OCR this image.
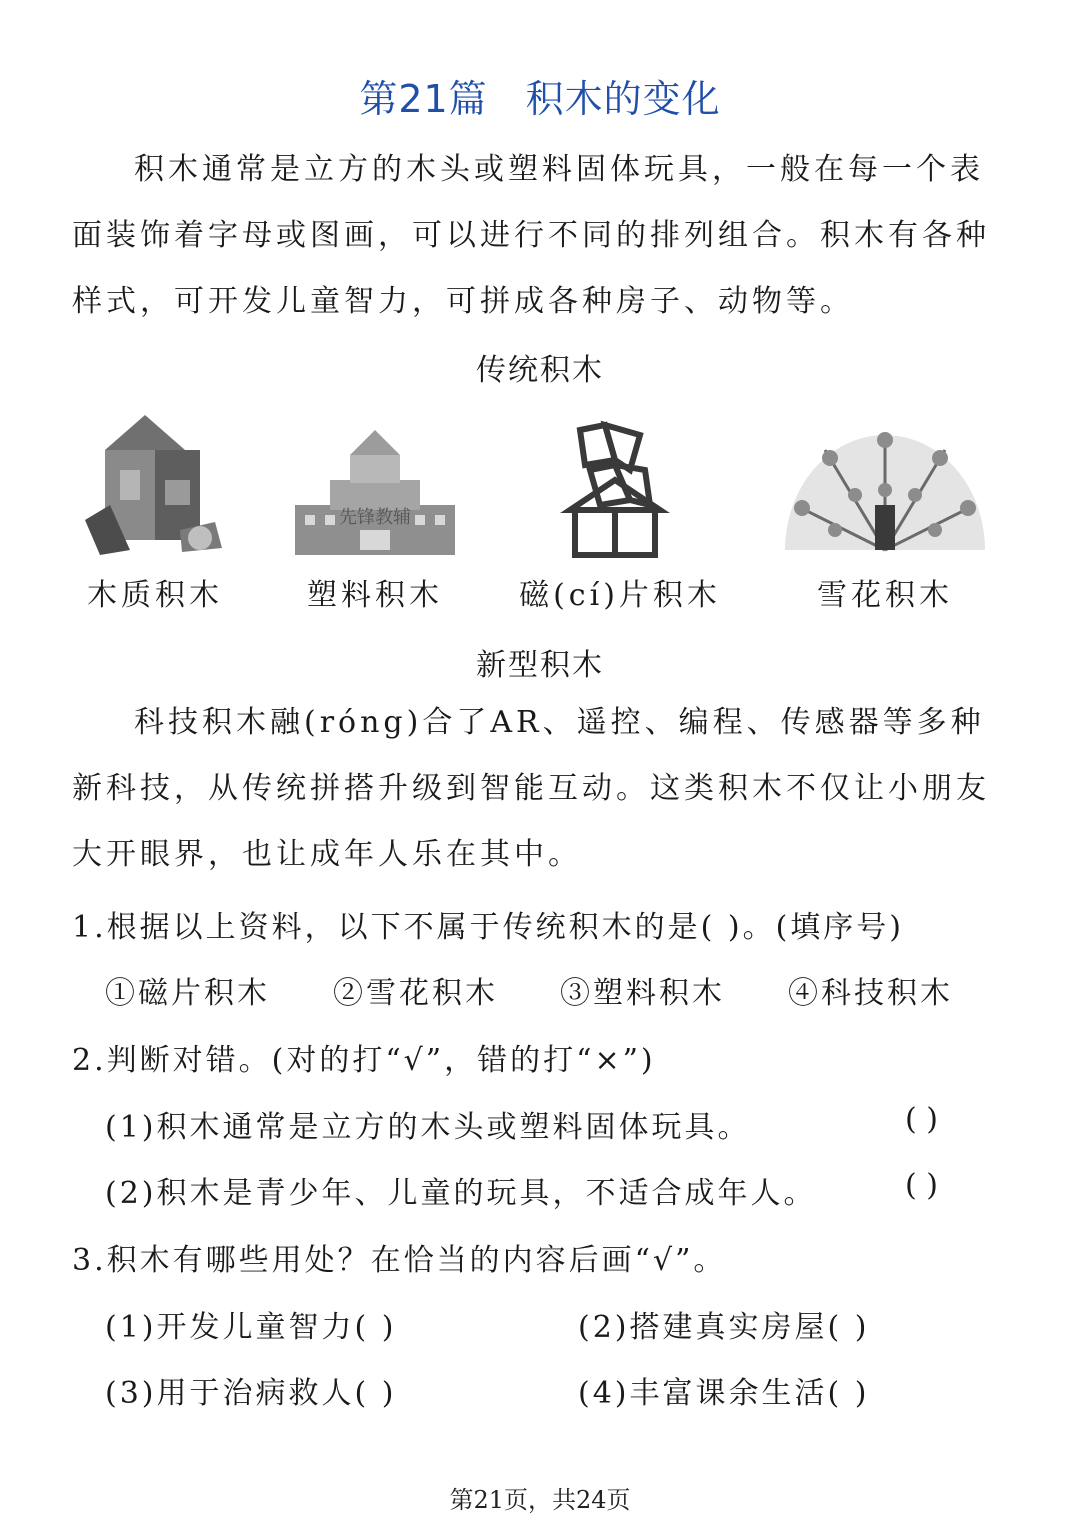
第21篇 积木的变化

积木通常是立方的木头或塑料固体玩具，一般在每一个表面装饰着字母或图画，可以进行不同的排列组合。积木有各种样式，可开发儿童智力，可拼成各种房子、动物等。

传统积木
木质积木
先锋教辅
塑料积木	磁(cí)片积木	雪花积木
新型积木

科技积木融(róng)合了AR、遥控、编程、传感器等多种新科技，从传统拼搭升级到智能互动。这类积木不仅让小朋友大开眼界，也让成年人乐在其中。

1.根据以上资料，以下不属于传统积木的是( )。(填序号)
①磁片积木 ②雪花积木 ③塑料积木 ④科技积木
2.判断对错。(对的打“√”，错的打“×”)
(1)积木通常是立方的木头或塑料固体玩具。	( )
(2)积木是青少年、儿童的玩具，不适合成年人。	( )
3.积木有哪些用处？在恰当的内容后画“√”。
(1)开发儿童智力( )	(2)搭建真实房屋( )
(3)用于治病救人( )	(4)丰富课余生活( )
第21页，共24页
